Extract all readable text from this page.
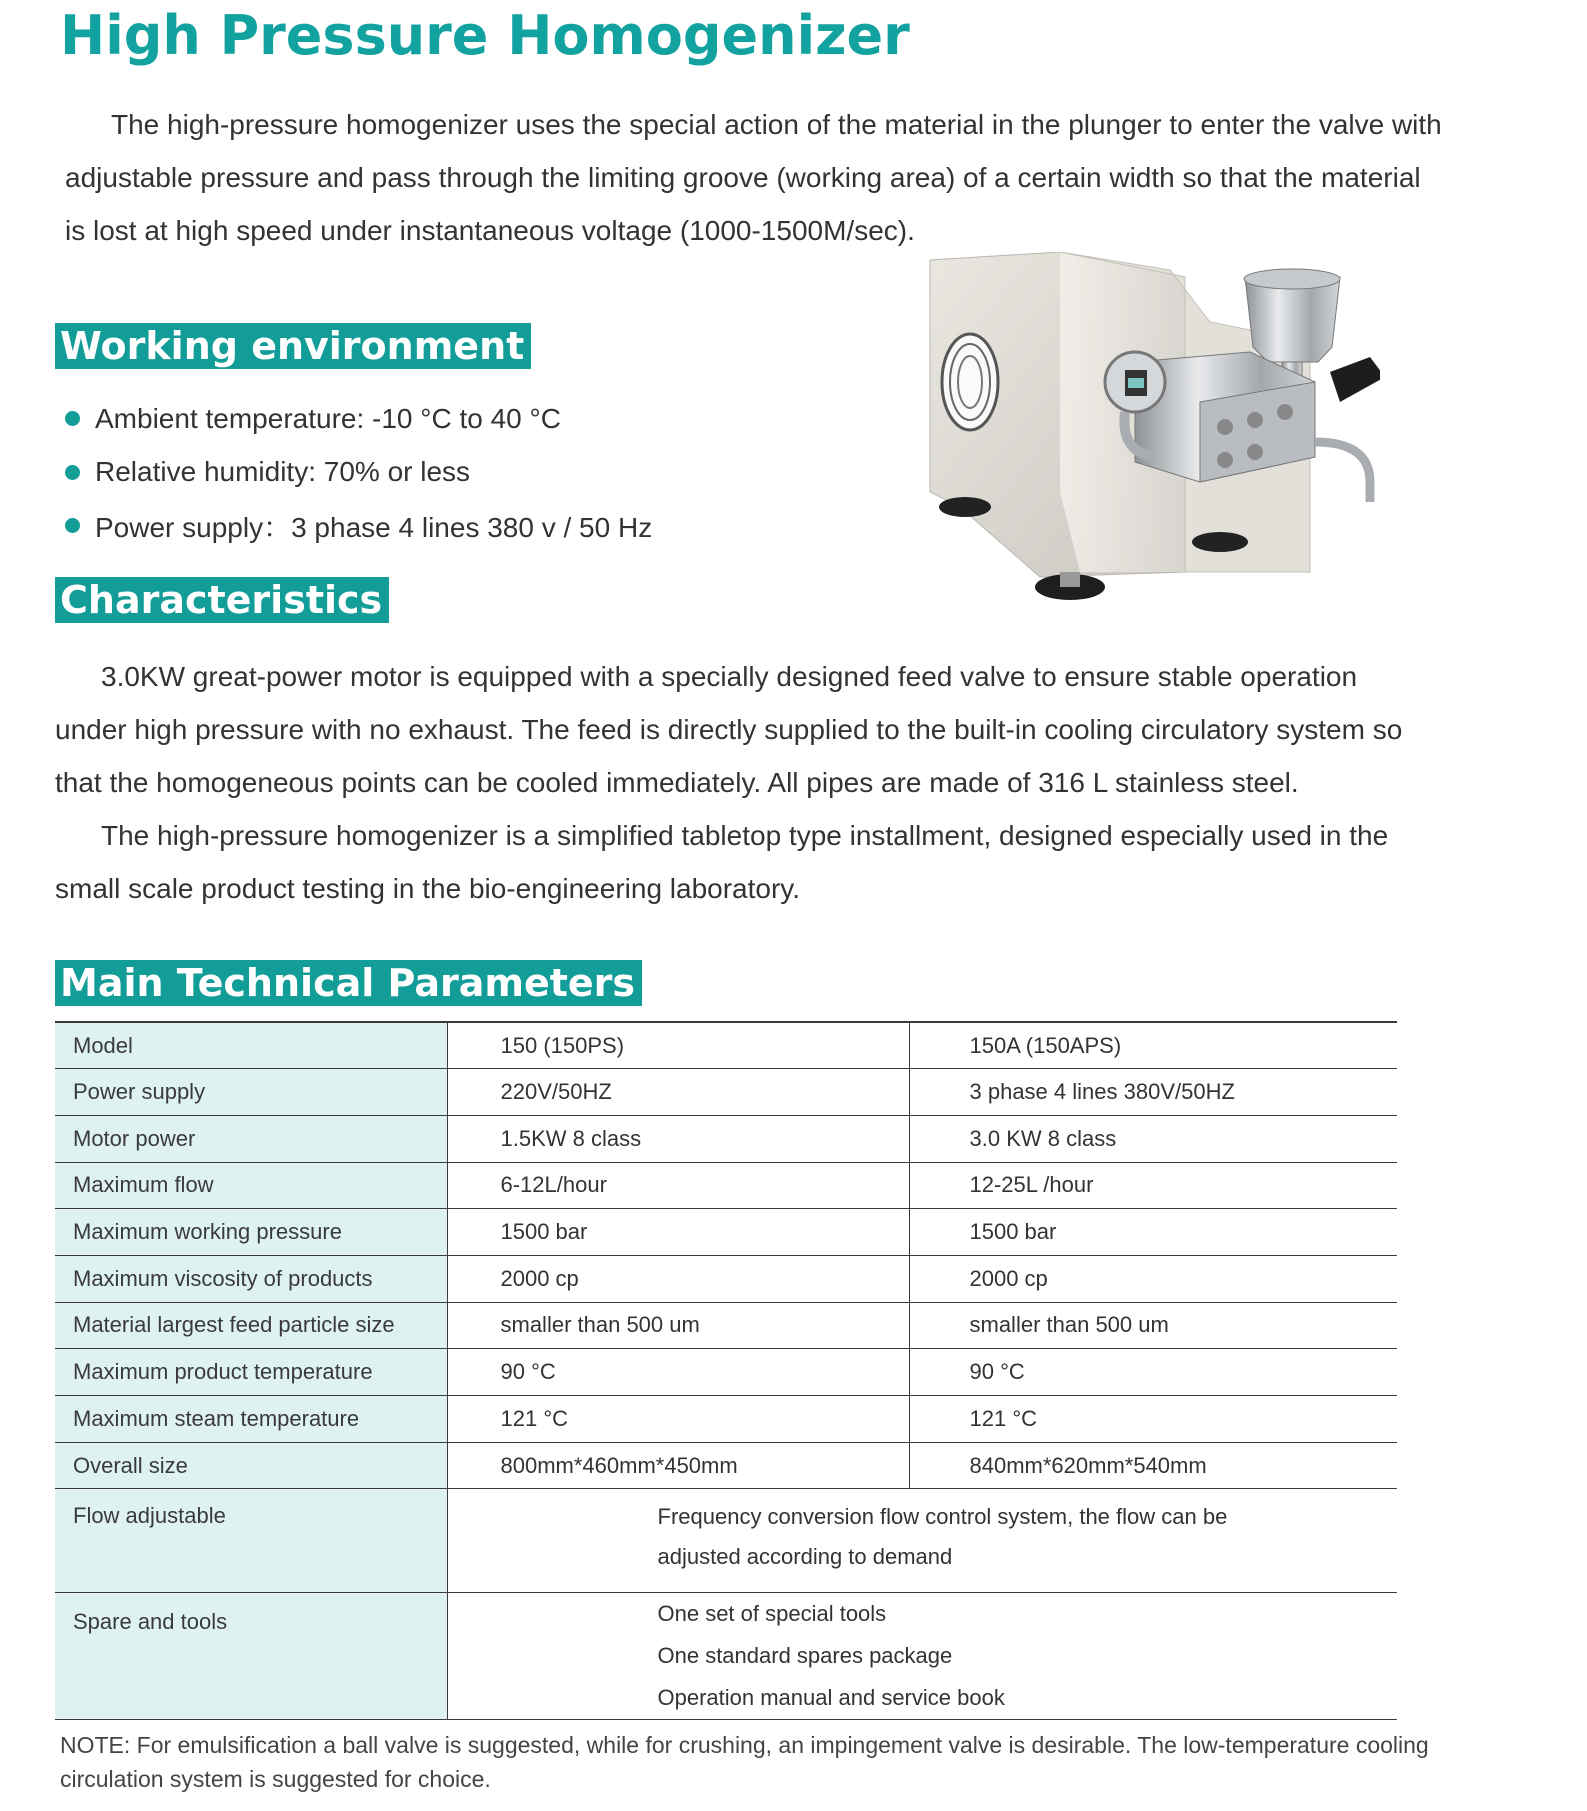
High Pressure Homogenizer
The high-pressure homogenizer uses the special action of the material in the plunger to enter the valve with
adjustable pressure and pass through the limiting groove (working area) of a certain width so that the material
is lost at high speed under instantaneous voltage (1000-1500M/sec).
Working environment
Ambient temperature: -10 °C to 40 °C
Relative humidity: 70% or less
Power supply：3 phase 4 lines 380 v / 50 Hz
Characteristics
3.0KW great-power motor is equipped with a specially designed feed valve to ensure stable operation
under high pressure with no exhaust. The feed is directly supplied to the built-in cooling circulatory system so
that the homogeneous points can be cooled immediately. All pipes are made of 316 L stainless steel.
The high-pressure homogenizer is a simplified tabletop type installment, designed especially used in the
small scale product testing in the bio-engineering laboratory.
Main Technical Parameters
Model	150 (150PS)	150A (150APS)
Power supply	220V/50HZ	3 phase 4 lines 380V/50HZ
Motor power	1.5KW 8 class	3.0 KW 8 class
Maximum flow	6-12L/hour	12-25L /hour
Maximum working pressure	1500 bar	1500 bar
Maximum viscosity of products	2000 cp	2000 cp
Material largest feed particle size	smaller than 500 um	smaller than 500 um
Maximum product temperature	90 °C	90 °C
Maximum steam temperature	121 °C	121 °C
Overall size	800mm*460mm*450mm	840mm*620mm*540mm
Flow adjustable	Frequency conversion flow control system, the flow can be
adjusted according to demand	

Spare and tools	One set of special tools
One standard spares package
Operation manual and service book	
NOTE: For emulsification a ball valve is suggested, while for crushing, an impingement valve is desirable. The low-temperature cooling
circulation system is suggested for choice.
